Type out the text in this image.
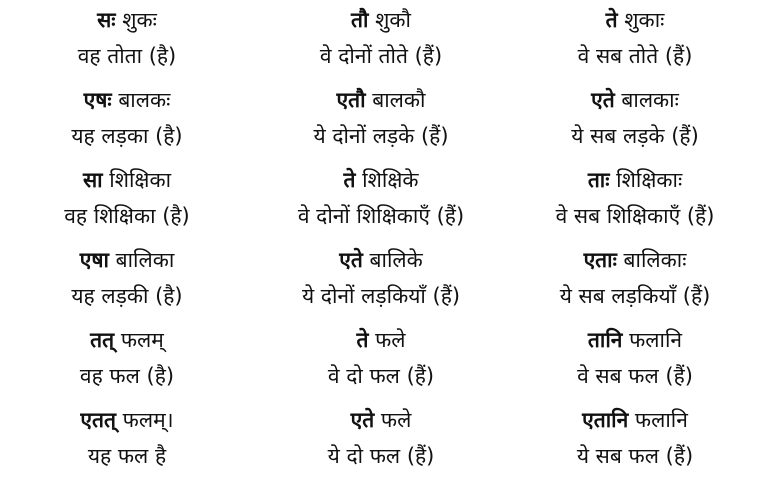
सः शुकः
वह तोता (है)
तौ शुकौ
वे दोनों तोते (हैं)
ते शुकाः
वे सब तोते (हैं)
एषः बालकः
यह लड़का (है)
एतौ बालकौ
ये दोनों लड़के (हैं)
एते बालकाः
ये सब लड़के (हैं)
सा शिक्षिका
वह शिक्षिका (है)
ते शिक्षिके
वे दोनों शिक्षिकाएँ (हैं)
ताः शिक्षिकाः
वे सब शिक्षिकाएँ (हैं)
एषा बालिका
यह लड़की (है)
एते बालिके
ये दोनों लड़कियाँ (हैं)
एताः बालिकाः
ये सब लड़कियाँ (हैं)
तत् फलम्
वह फल (है)
ते फले
वे दो फल (हैं)
तानि फलानि
वे सब फल (हैं)
एतत् फलम्।
यह फल है
एते फले
ये दो फल (हैं)
एतानि फलानि
ये सब फल (हैं)
